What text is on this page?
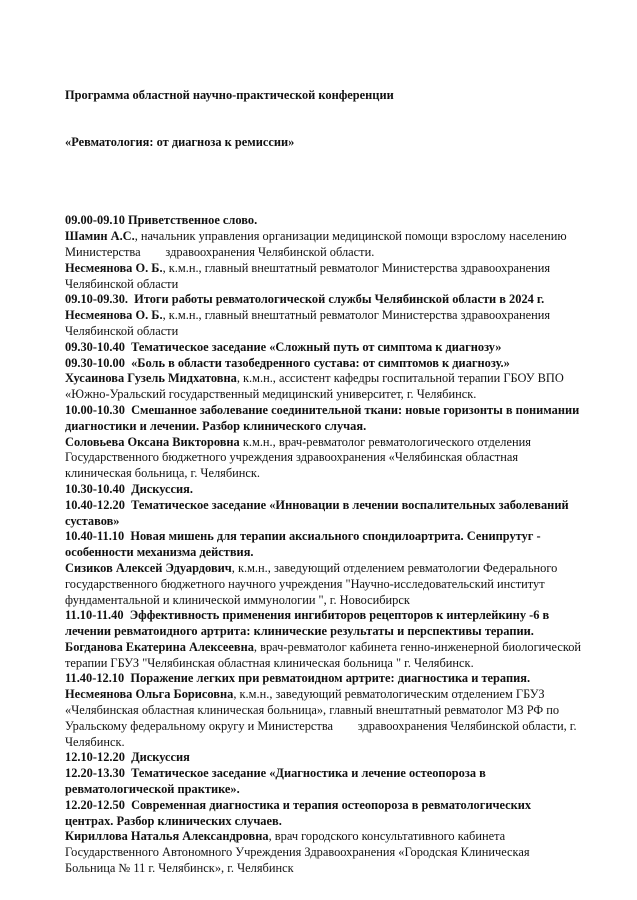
Программа областной научно-практической конференции

«Ревматология: от диагноза к ремиссии»

09.00-09.10 Приветственное слово.

Шамин А.С., начальник управления организации медицинской помощи взрослому населению Министерства        здравоохранения Челябинской области.

Несмеянова О. Б., к.м.н., главный внештатный ревматолог Министерства здравоохранения Челябинской области

09.10-09.30.  Итоги работы ревматологической службы Челябинской области в 2024 г.

Несмеянова О. Б., к.м.н., главный внештатный ревматолог Министерства здравоохранения Челябинской области

09.30-10.40  Тематическое заседание «Сложный путь от симптома к диагнозу»

09.30-10.00  «Боль в области тазобедренного сустава: от симптомов к диагнозу.»

Хусаинова Гузель Мидхатовна, к.м.н., ассистент кафедры госпитальной терапии ГБОУ ВПО «Южно-Уральский государственный медицинский университет, г. Челябинск.

10.00-10.30  Смешанное заболевание соединительной ткани: новые горизонты в понимании диагностики и лечении. Разбор клинического случая.

Соловьева Оксана Викторовна к.м.н., врач-ревматолог ревматологического отделения Государственного бюджетного учреждения здравоохранения «Челябинская областная клиническая больница, г. Челябинск.

10.30-10.40  Дискуссия.

10.40-12.20  Тематическое заседание «Инновации в лечении воспалительных заболеваний суставов»

10.40-11.10  Новая мишень для терапии аксиального спондилоартрита. Сенипрутуг - особенности механизма действия.

Сизиков Алексей Эдуардович, к.м.н., заведующий отделением ревматологии Федерального государственного бюджетного научного учреждения "Научно-исследовательский институт фундаментальной и клинической иммунологии ", г. Новосибирск

11.10-11.40  Эффективность применения ингибиторов рецепторов к интерлейкину -6 в лечении ревматоидного артрита: клинические результаты и перспективы терапии.

Богданова Екатерина Алексеевна, врач-ревматолог кабинета генно-инженерной биологической терапии ГБУЗ "Челябинская областная клиническая больница " г. Челябинск.

11.40-12.10  Поражение легких при ревматоидном артрите: диагностика и терапия.

Несмеянова Ольга Борисовна, к.м.н., заведующий ревматологическим отделением ГБУЗ «Челябинская областная клиническая больница», главный внештатный ревматолог МЗ РФ по Уральскому федеральному округу и Министерства        здравоохранения Челябинской области, г. Челябинск.

12.10-12.20  Дискуссия

12.20-13.30  Тематическое заседание «Диагностика и лечение остеопороза в ревматологической практике».

12.20-12.50  Современная диагностика и терапия остеопороза в ревматологических центрах. Разбор клинических случаев.

Кириллова Наталья Александровна, врач городского консультативного кабинета Государственного Автономного Учреждения Здравоохранения «Городская Клиническая Больница № 11 г. Челябинск», г. Челябинск
